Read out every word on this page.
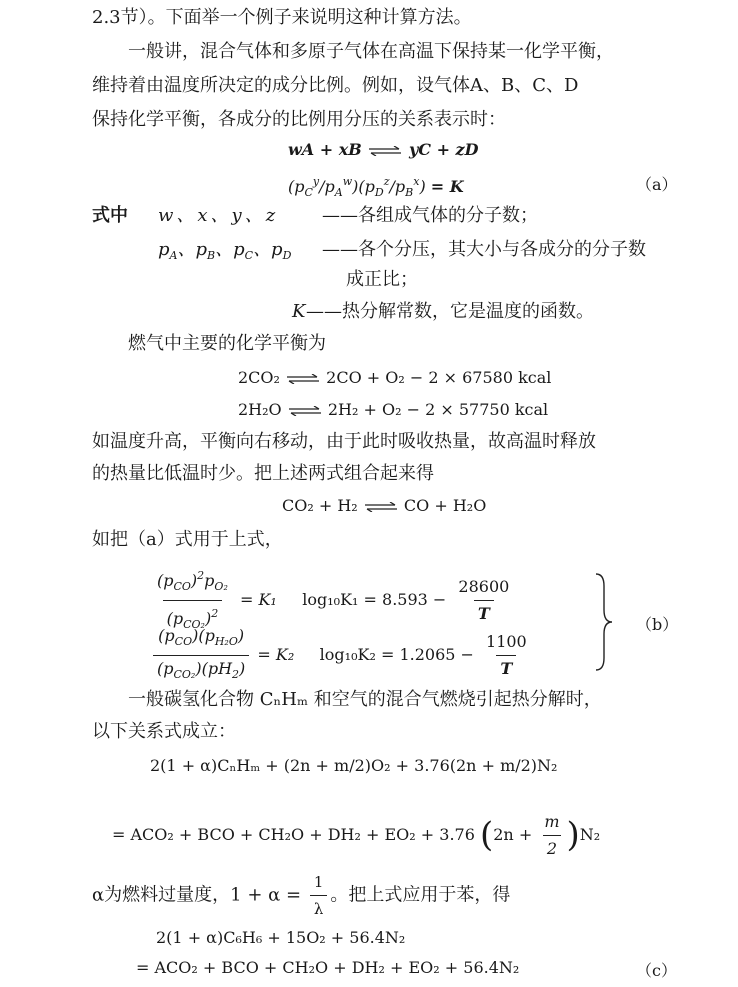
2.3节）。下面举一个例子来说明这种计算方法。
一般讲，混合气体和多原子气体在高温下保持某一化学平衡，
维持着由温度所决定的成分比例。例如，设气体A、B、C、D
保持化学平衡，各成分的比例用分压的关系表示时：
wA + xB ⇌ yC + zD
$(p_C^y/p_A^w)(p_D^z/p_B^x) = K$	（a）
式中 w、x、y、z ——各组成气体的分子数；
$p_A$、$p_B$、$p_C$、$p_D$ ——各个分压，其大小与各成分的分子数
成正比；
K ——热分解常数，它是温度的函数。
燃气中主要的化学平衡为
2CO₂ ⇌ 2CO + O₂ − 2 × 67580 kcal
2H₂O ⇌ 2H₂ + O₂ − 2 × 57750 kcal
如温度升高，平衡向右移动，由于此时吸收热量，故高温时释放
的热量比低温时少。把上述两式组合起来得
CO₂ + H₂ ⇌ CO + H₂O
如把（a）式用于上式，
$\frac{(p_{CO})^2p_{O_2}}{(p_{CO_2})^2} = K_1$ $\log_{10}K_1 = 8.593 - \frac{28600}{T}$
$\frac{(p_{CO})(p_{H_2O})}{(p_{CO_2})(pH_2)} = K_2$ $\log_{10}K_2 = 1.2065 - \frac{1100}{T}$
（b）
一般碳氢化合物 CₙHₘ 和空气的混合气燃烧引起热分解时，
以下关系式成立：
2(1 + α)CₙHₘ + (2n + m/2)O₂ + 3.76(2n + m/2)N₂
= ACO₂ + BCO + CH₂O + DH₂ + EO₂ + 3.76 $(2n + \frac{m}{2} )N_2$
α为燃料过量度，$1 + \alpha = \frac{1}{\lambda}$ 。把上式应用于苯，得
2(1 + α)C₆H₆ + 15O₂ + 56.4N₂
= ACO₂ + BCO + CH₂O + DH₂ + EO₂ + 56.4N₂	（c）
